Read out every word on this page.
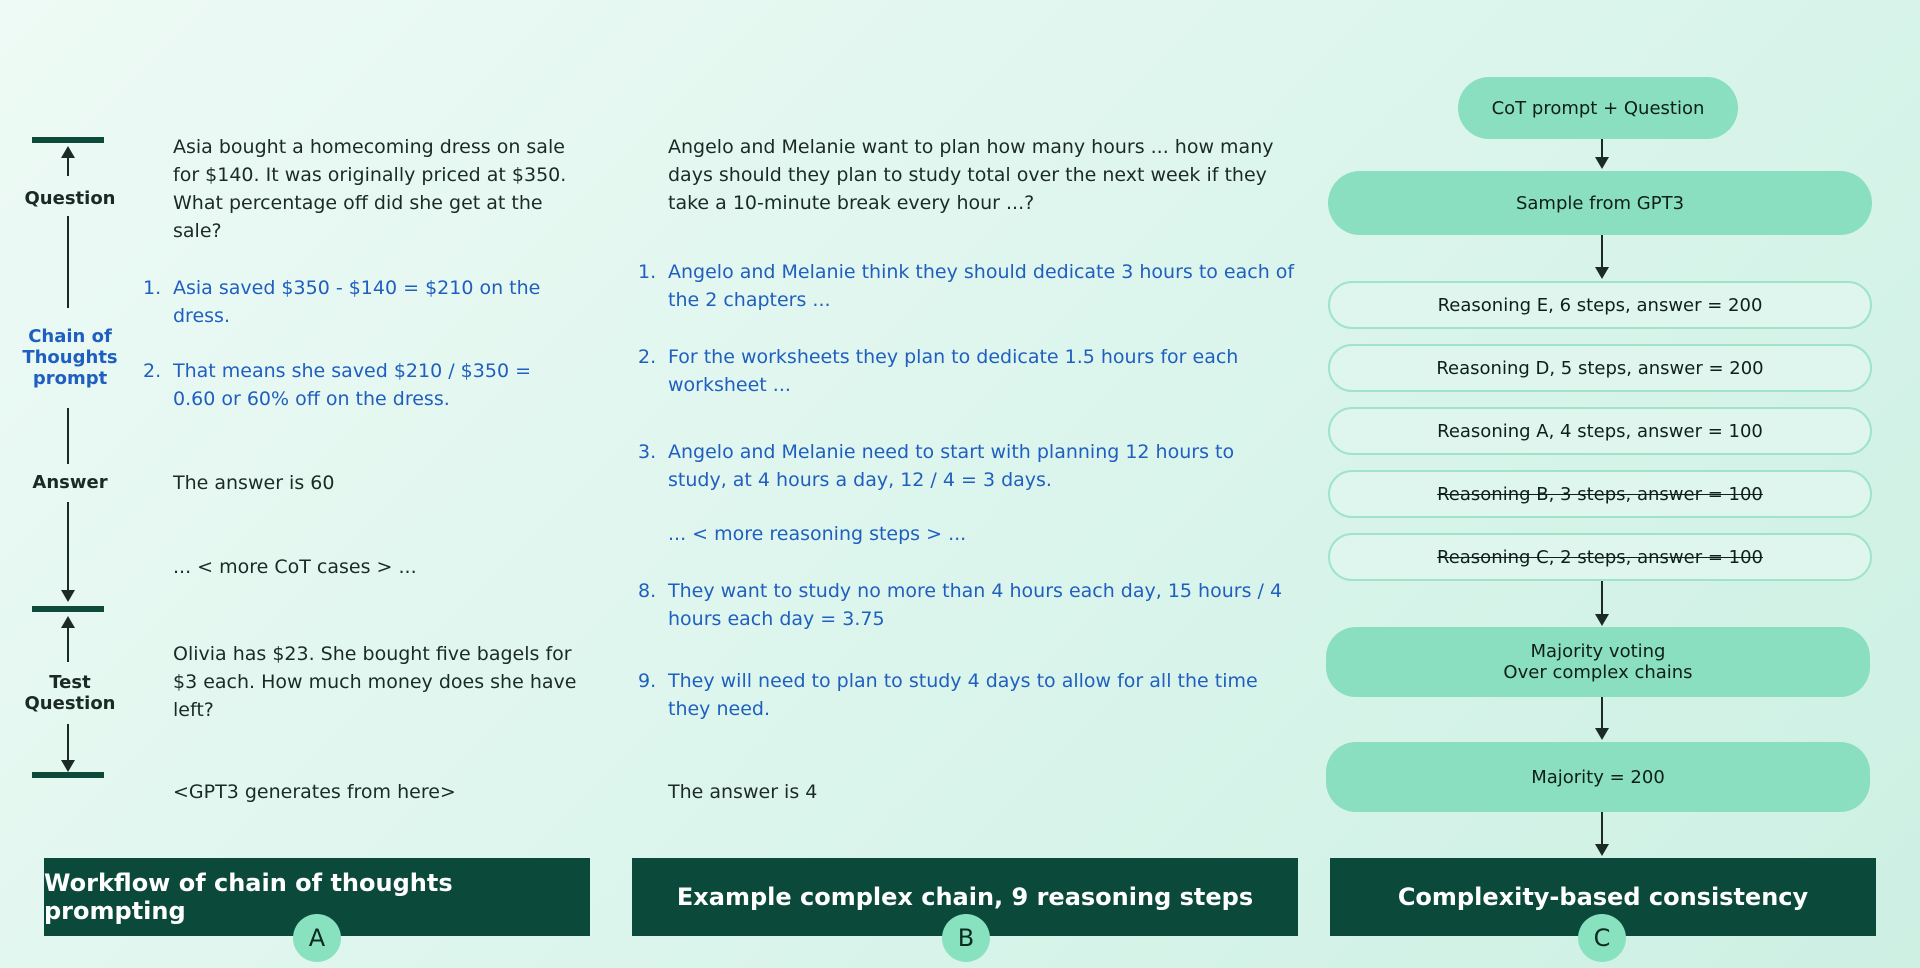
Question
Chain of
Thoughts
prompt
Answer
Test
Question
Asia bought a homecoming dress on sale for $140. It was originally priced at $350. What percentage off did she get at the sale?
1. Asia saved $350 - $140 = $210 on the dress.
2. That means she saved $210 / $350 = 0.60 or 60% off on the dress.
The answer is 60
... < more CoT cases > ...
Olivia has $23. She bought five bagels for $3 each. How much money does she have left?
<GPT3 generates from here>
Workflow of chain of thoughts prompting
A
Angelo and Melanie want to plan how many hours ... how many days should they plan to study total over the next week if they take a 10-minute break every hour ...?
1. Angelo and Melanie think they should dedicate 3 hours to each of the 2 chapters ...
2. For the worksheets they plan to dedicate 1.5 hours for each worksheet ...
3. Angelo and Melanie need to start with planning 12 hours to study, at 4 hours a day, 12 / 4 = 3 days.
... < more reasoning steps > ...
8. They want to study no more than 4 hours each day, 15 hours / 4 hours each day = 3.75
9. They will need to plan to study 4 days to allow for all the time they need.
The answer is 4
Example complex chain, 9 reasoning steps
B
CoT prompt + Question
Sample from GPT3
Reasoning E, 6 steps, answer = 200
Reasoning D, 5 steps, answer = 200
Reasoning A, 4 steps, answer = 100
Reasoning B, 3 steps, answer = 100
Reasoning C, 2 steps, answer = 100
Majority voting
Over complex chains
Majority = 200
Complexity-based consistency
C
